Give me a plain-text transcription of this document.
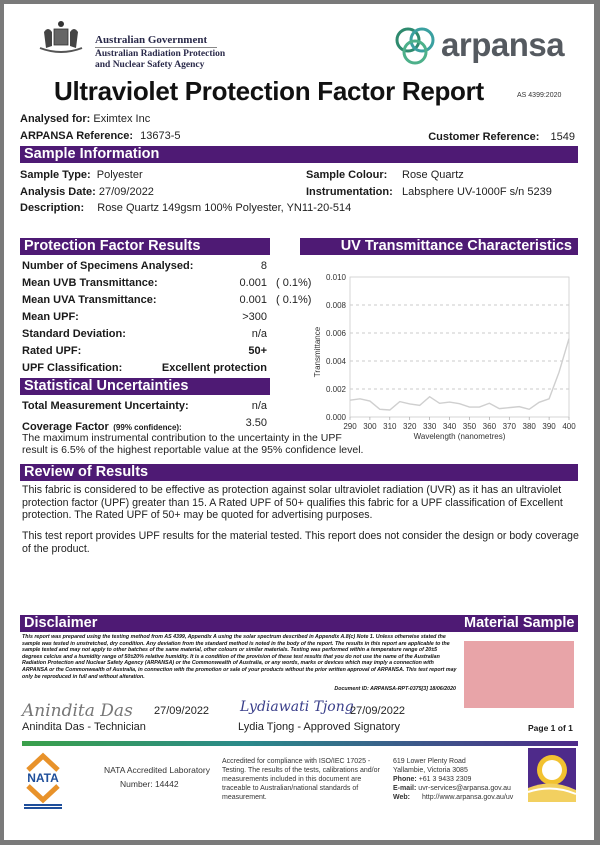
Australian Government
Australian Radiation Protection
and Nuclear Safety Agency
arpansa
Ultraviolet Protection Factor Report	AS 4399:2020
Analysed for: Eximtex Inc
ARPANSA Reference: 13673-5	Customer Reference: 1549
Sample Information
Sample Type: Polyester
Analysis Date: 27/09/2022
Description: Rose Quartz 149gsm 100% Polyester, YN11-20-514
Sample Colour: Rose Quartz
Instrumentation: Labsphere UV-1000F s/n 5239
Protection Factor Results
Number of Specimens Analysed:	8
Mean UVB Transmittance:	0.001 ( 0.1%)
Mean UVA Transmittance:	0.001 ( 0.1%)
Mean UPF:	>300
Standard Deviation:	n/a
Rated UPF:	50+
UPF Classification:	Excellent protection
Statistical Uncertainties
Total Measurement Uncertainty:	n/a
Coverage Factor (99% confidence):	3.50
The maximum instrumental contribution to the uncertainty in the UPF
result is 6.5% of the highest reportable value at the 95% confidence level.
UV Transmittance Characteristics
0.000
0.002
0.004
0.006
0.008
0.010
290 300 310 320 330 340 350 360 370 380 390 400
Wavelength (nanometres)
Transmittance
Review of Results
This fabric is considered to be effective as protection against solar ultraviolet radiation (UVR) as it has an ultraviolet protection factor (UPF) greater than 15. A Rated UPF of 50+ qualifies this fabric for a UPF classification of Excellent protection. The Rated UPF of 50+ may be quoted for advertising purposes.
This test report provides UPF results for the material tested. This report does not consider the design or body coverage of the product.
Disclaimer
This report was prepared using the testing method from AS 4399, Appendix A using the solar spectrum described in Appendix A.8(c) Note 1. Unless otherwise stated the sample was tested in unstretched, dry condition. Any deviation from the standard method is noted in the body of the report. The results in this report are applicable to the sample tested and may not apply to other batches of the same material, other colours or similar materials. Testing was performed within a temperature range of 20±5 degrees celcius and a humidity range of 50±20% relative humidity. It is a condition of the provision of these test results that you do not use the name of the Australian Radiation Protection and Nuclear Safety Agency (ARPANSA) or the Commonwealth of Australia, or any words, marks or devices which may imply a connection with ARPANSA or the Commonwealth of Australia, in connection with the promotion or sale of your products without the prior written approval of ARPANSA. This test report may only be reproduced in full and without alteration.
Document ID: ARPANSA-RPT-0375[3] 18/06/2020
Material Sample
Anindita Das 27/09/2022
Anindita Das - Technician
Lydiawati Tjong
27/09/2022
Lydia Tjong - Approved Signatory	Page 1 of 1
NATA
NATA Accredited Laboratory
Number: 14442
Accredited for compliance with ISO/IEC 17025 - Testing. The results of the tests, calibrations and/or measurements included in this document are traceable to Australian/national standards of measurement.
619 Lower Plenty Road
Yallambie, Victoria 3085
Phone: +61 3 9433 2309
E-mail: uvr-services@arpansa.gov.au
Web: http://www.arpansa.gov.au/uv
